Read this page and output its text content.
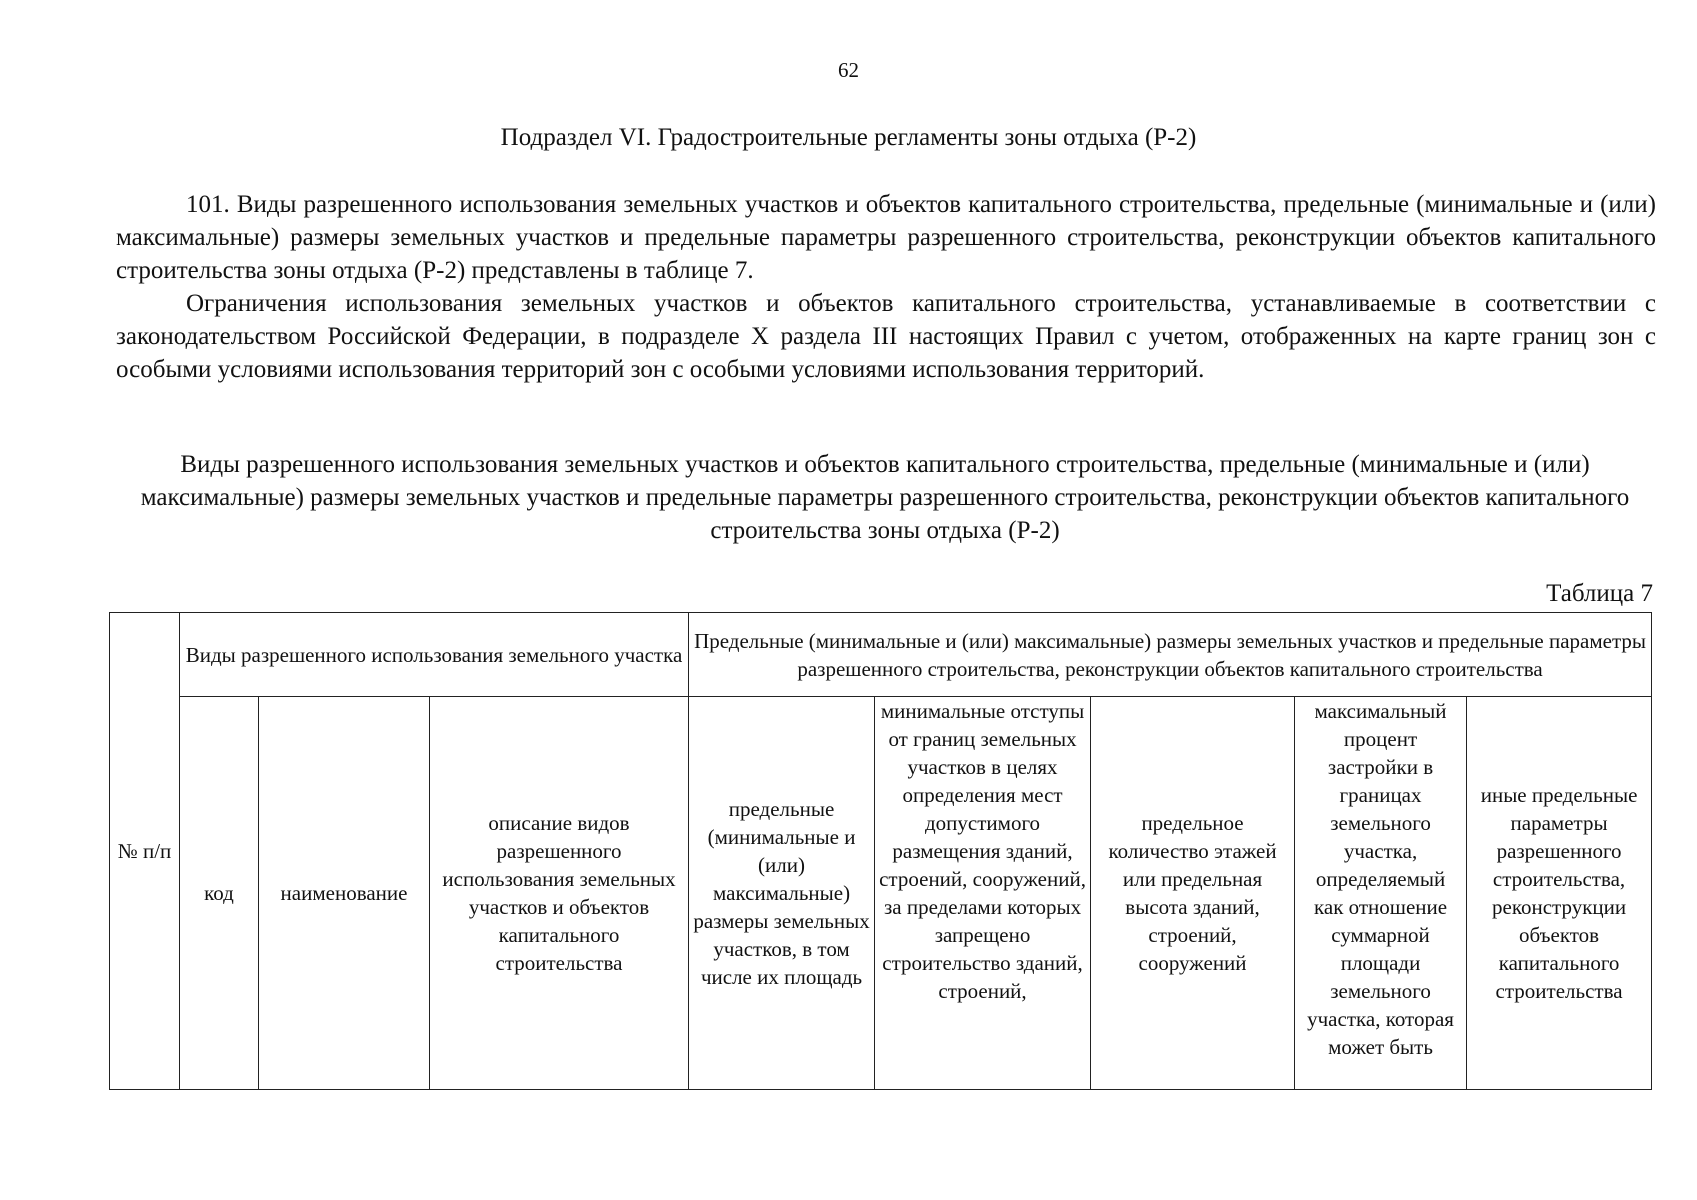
62
Подраздел VI. Градостроительные регламенты зоны отдыха (Р-2)

101. Виды разрешенного использования земельных участков и объектов капитального строительства, предельные (минимальные и (или) максимальные) размеры земельных участков и предельные параметры разрешенного строительства, реконструкции объектов капитального строительства зоны отдыха (Р-2) представлены в таблице 7.

Ограничения использования земельных участков и объектов капитального строительства, устанавливаемые в соответствии с законодательством Российской Федерации, в подразделе X раздела III настоящих Правил с учетом, отображенных на карте границ зон с особыми условиями использования территорий зон с особыми условиями использования территорий.

Виды разрешенного использования земельных участков и объектов капитального строительства, предельные (минимальные и (или) максимальные) размеры земельных участков и предельные параметры разрешенного строительства, реконструкции объектов капитального строительства зоны отдыха (Р-2)
Таблица 7
№ п/п	Виды разрешенного использования земельного участка			Предельные (минимальные и (или) максимальные) размеры земельных участков и предельные параметры разрешенного строительства, реконструкции объектов капитального строительства				
	код	наименование	описание видов разрешенного использования земельных участков и объектов капитального строительства	предельные (минимальные и (или) максимальные) размеры земельных участков, в том числе их площадь	минимальные отступы от границ земельных участков в целях определения мест допустимого размещения зданий, строений, сооружений, за пределами которых запрещено строительство зданий, строений,	предельное количество этажей или предельная высота зданий, строений, сооружений	максимальный процент застройки в границах земельного участка, определяемый как отношение суммарной площади земельного участка, которая может быть	иные предельные параметры разрешенного строительства, реконструкции объектов капитального строительства
